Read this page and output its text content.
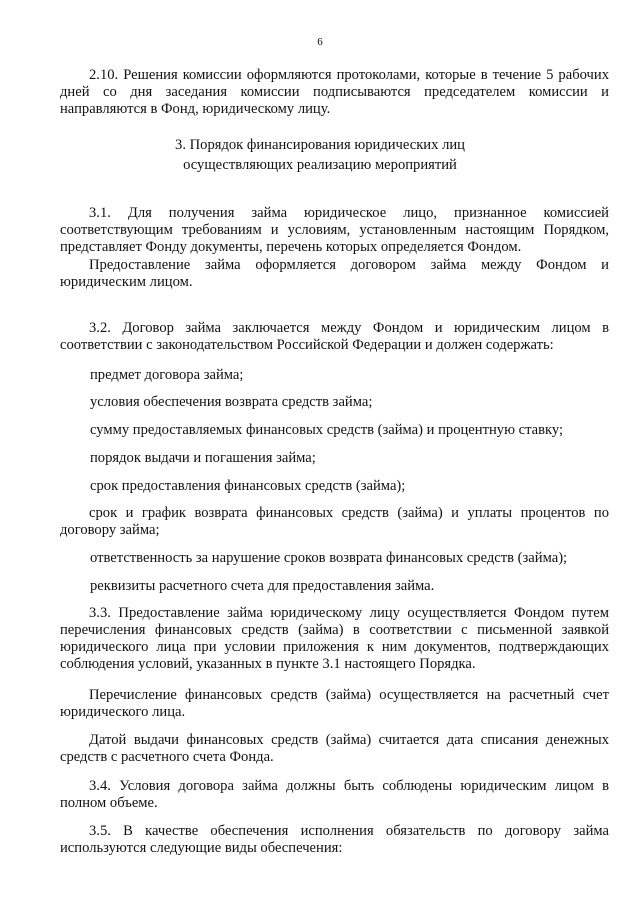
6

2.10. Решения комиссии оформляются протоколами, которые в течение 5 рабочих дней со дня заседания комиссии подписываются председателем комиссии и направляются в Фонд, юридическому лицу.

3. Порядок финансирования юридических лиц

осуществляющих реализацию мероприятий

3.1. Для получения займа юридическое лицо, признанное комиссией соответствующим требованиям и условиям, установленным настоящим Порядком, представляет Фонду документы, перечень которых определяется Фондом.

Предоставление займа оформляется договором займа между Фондом и юридическим лицом.

3.2. Договор займа заключается между Фондом и юридическим лицом в соответствии с законодательством Российской Федерации и должен содержать:

предмет договора займа;

условия обеспечения возврата средств займа;

сумму предоставляемых финансовых средств (займа) и процентную ставку;

порядок выдачи и погашения займа;

срок предоставления финансовых средств (займа);

срок и график возврата финансовых средств (займа) и уплаты процентов по договору займа;

ответственность за нарушение сроков возврата финансовых средств (займа);

реквизиты расчетного счета для предоставления займа.

3.3. Предоставление займа юридическому лицу осуществляется Фондом путем перечисления финансовых средств (займа) в соответствии с письменной заявкой юридического лица при условии приложения к ним документов, подтверждающих соблюдения условий, указанных в пункте 3.1 настоящего Порядка.

Перечисление финансовых средств (займа) осуществляется на расчетный счет юридического лица.

Датой выдачи финансовых средств (займа) считается дата списания денежных средств с расчетного счета Фонда.

3.4. Условия договора займа должны быть соблюдены юридическим лицом в полном объеме.

3.5. В качестве обеспечения исполнения обязательств по договору займа используются следующие виды обеспечения:
